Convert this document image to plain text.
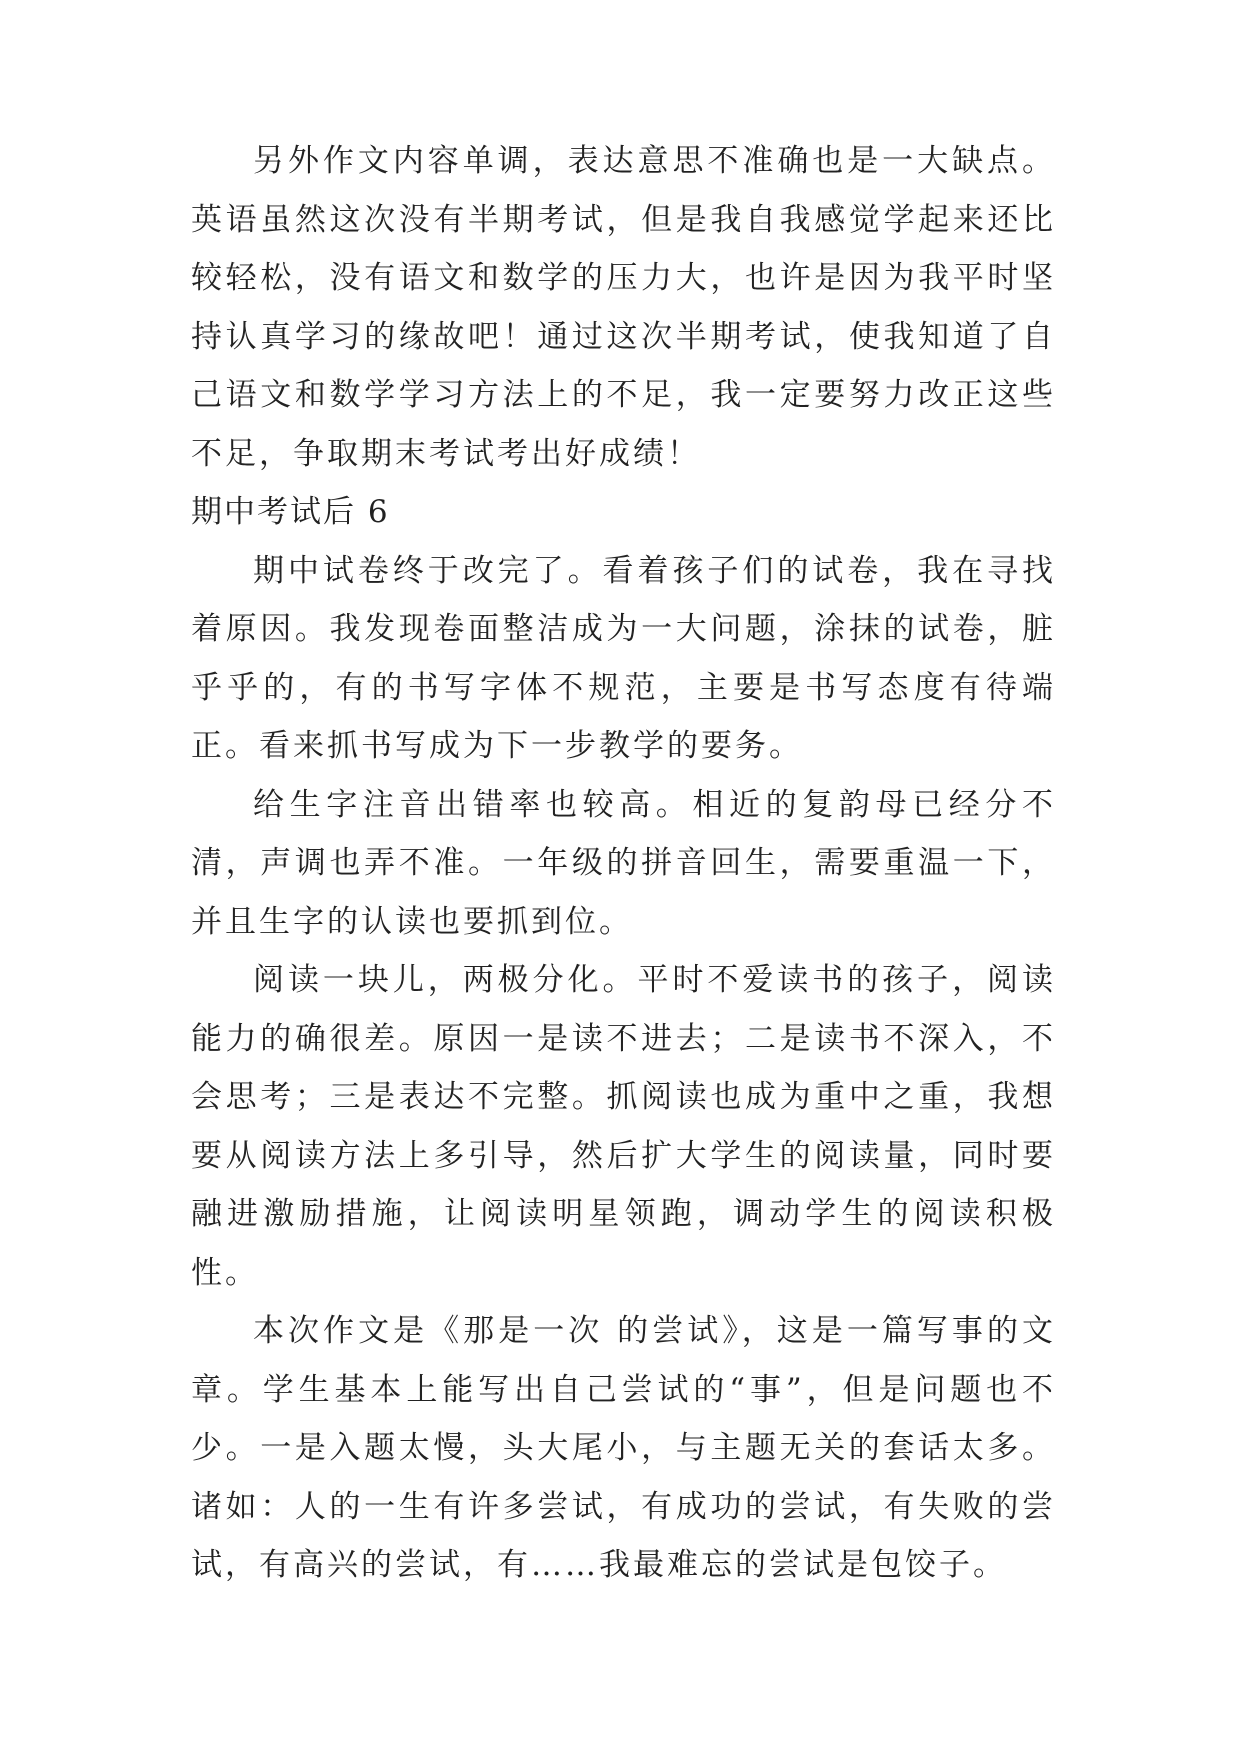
另外作文内容单调，表达意思不准确也是一大缺点。英语虽然这次没有半期考试，但是我自我感觉学起来还比较轻松，没有语文和数学的压力大，也许是因为我平时坚持认真学习的缘故吧！通过这次半期考试，使我知道了自己语文和数学学习方法上的不足，我一定要努力改正这些不足，争取期末考试考出好成绩！

期中考试后 6

期中试卷终于改完了。看着孩子们的试卷，我在寻找着原因。我发现卷面整洁成为一大问题，涂抹的试卷，脏乎乎的，有的书写字体不规范，主要是书写态度有待端正。看来抓书写成为下一步教学的要务。

给生字注音出错率也较高。相近的复韵母已经分不清，声调也弄不准。一年级的拼音回生，需要重温一下，并且生字的认读也要抓到位。

阅读一块儿，两极分化。平时不爱读书的孩子，阅读能力的确很差。原因一是读不进去；二是读书不深入，不会思考；三是表达不完整。抓阅读也成为重中之重，我想要从阅读方法上多引导，然后扩大学生的阅读量，同时要融进激励措施，让阅读明星领跑，调动学生的阅读积极性。

本次作文是《那是一次 的尝试》，这是一篇写事的文章。学生基本上能写出自己尝试的“事”，但是问题也不少。一是入题太慢，头大尾小，与主题无关的套话太多。诸如：人的一生有许多尝试，有成功的尝试，有失败的尝试，有高兴的尝试，有……我最难忘的尝试是包饺子。
